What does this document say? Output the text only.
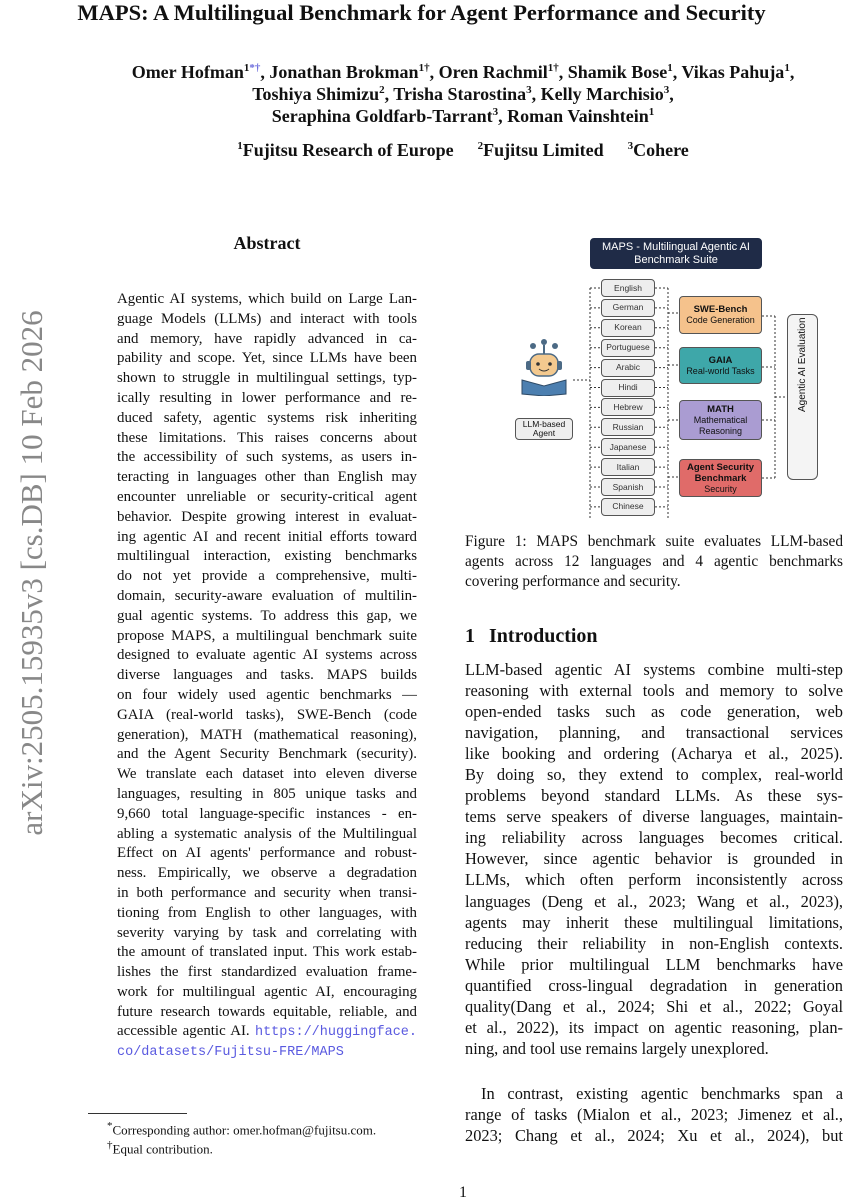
MAPS: A Multilingual Benchmark for Agent Performance and Security
Omer Hofman$^{1*\dagger}$, Jonathan Brokman$^{1\dagger}$, Oren Rachmil$^{1\dagger}$, Shamik Bose$^1$, Vikas Pahuja$^1$,
Toshiya Shimizu$^2$, Trisha Starostina$^3$, Kelly Marchisio$^3$,
Seraphina Goldfarb-Tarrant$^3$, Roman Vainshtein$^1$
$^1$Fujitsu Research of Europe $^2$Fujitsu Limited $^3$Cohere
arXiv:2505.15935v3 [cs.DB] 10 Feb 2026
Abstract
Agentic AI systems, which build on Large Lan-
guage Models (LLMs) and interact with tools
and memory, have rapidly advanced in ca-
pability and scope. Yet, since LLMs have been
shown to struggle in multilingual settings, typ-
ically resulting in lower performance and re-
duced safety, agentic systems risk inheriting
these limitations. This raises concerns about
the accessibility of such systems, as users in-
teracting in languages other than English may
encounter unreliable or security-critical agent
behavior. Despite growing interest in evaluat-
ing agentic AI and recent initial efforts toward
multilingual interaction, existing benchmarks
do not yet provide a comprehensive, multi-
domain, security-aware evaluation of multilin-
gual agentic systems. To address this gap, we
propose MAPS, a multilingual benchmark suite
designed to evaluate agentic AI systems across
diverse languages and tasks. MAPS builds
on four widely used agentic benchmarks —
GAIA (real-world tasks), SWE-Bench (code
generation), MATH (mathematical reasoning),
and the Agent Security Benchmark (security).
We translate each dataset into eleven diverse
languages, resulting in 805 unique tasks and
9,660 total language-specific instances - en-
abling a systematic analysis of the Multilingual
Effect on AI agents' performance and robust-
ness. Empirically, we observe a degradation
in both performance and security when transi-
tioning from English to other languages, with
severity varying by task and correlating with
the amount of translated input. This work estab-
lishes the first standardized evaluation frame-
work for multilingual agentic AI, encouraging
future research towards equitable, reliable, and
accessible agentic AI. https://huggingface.
co/datasets/Fujitsu-FRE/MAPS
MAPS - Multilingual Agentic AI Benchmark Suite
LLM-based Agent
English
German
Korean
Portuguese
Arabic
Hindi
Hebrew
Russian
Japanese
Italian
Spanish
Chinese
SWE-Bench
Code Generation
GAIA
Real-world Tasks
MATH
Mathematical Reasoning
Agent Security Benchmark
Security
Agentic AI Evaluation
Figure 1: MAPS benchmark suite evaluates LLM-based
agents across 12 languages and 4 agentic benchmarks
covering performance and security.
1 Introduction
LLM-based agentic AI systems combine multi-step
reasoning with external tools and memory to solve
open-ended tasks such as code generation, web
navigation, planning, and transactional services
like booking and ordering (Acharya et al., 2025).
By doing so, they extend to complex, real-world
problems beyond standard LLMs. As these sys-
tems serve speakers of diverse languages, maintain-
ing reliability across languages becomes critical.
However, since agentic behavior is grounded in
LLMs, which often perform inconsistently across
languages (Deng et al., 2023; Wang et al., 2023),
agents may inherit these multilingual limitations,
reducing their reliability in non-English contexts.
While prior multilingual LLM benchmarks have
quantified cross-lingual degradation in generation
quality(Dang et al., 2024; Shi et al., 2022; Goyal
et al., 2022), its impact on agentic reasoning, plan-
ning, and tool use remains largely unexplored.
In contrast, existing agentic benchmarks span a
range of tasks (Mialon et al., 2023; Jimenez et al.,
2023; Chang et al., 2024; Xu et al., 2024), but
*Corresponding author: omer.hofman@fujitsu.com.
†Equal contribution.
1
